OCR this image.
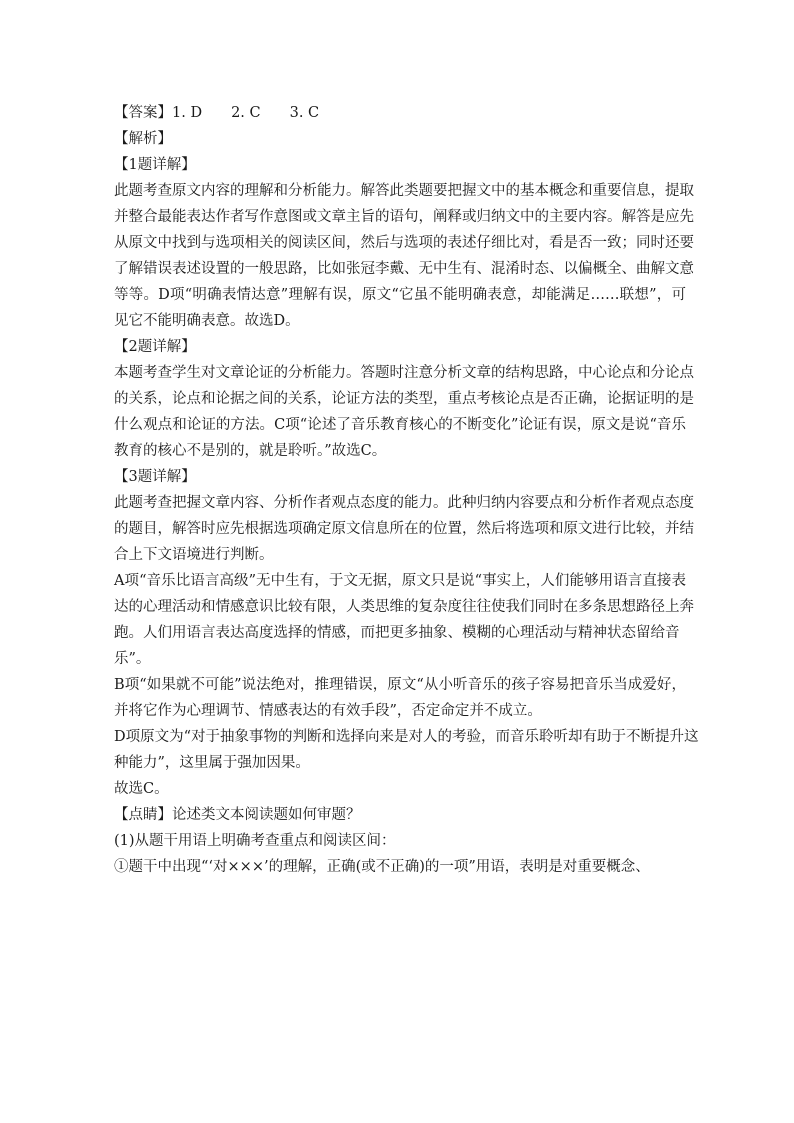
【答案】1. D　　2. C　　3. C
【解析】
【1题详解】
此题考查原文内容的理解和分析能力。解答此类题要把握文中的基本概念和重要信息，提取
并整合最能表达作者写作意图或文章主旨的语句，阐释或归纳文中的主要内容。解答是应先
从原文中找到与选项相关的阅读区间，然后与选项的表述仔细比对，看是否一致；同时还要
了解错误表述设置的一般思路，比如张冠李戴、无中生有、混淆时态、以偏概全、曲解文意
等等。D项“明确表情达意”理解有误，原文“它虽不能明确表意，却能满足……联想”，可
见它不能明确表意。故选D。
【2题详解】
本题考查学生对文章论证的分析能力。答题时注意分析文章的结构思路，中心论点和分论点
的关系，论点和论据之间的关系，论证方法的类型，重点考核论点是否正确，论据证明的是
什么观点和论证的方法。C项“论述了音乐教育核心的不断变化”论证有误，原文是说“音乐
教育的核心不是别的，就是聆听。”故选C。
【3题详解】
此题考查把握文章内容、分析作者观点态度的能力。此种归纳内容要点和分析作者观点态度
的题目，解答时应先根据选项确定原文信息所在的位置，然后将选项和原文进行比较，并结
合上下文语境进行判断。
A项“音乐比语言高级”无中生有，于文无据，原文只是说“事实上，人们能够用语言直接表
达的心理活动和情感意识比较有限，人类思维的复杂度往往使我们同时在多条思想路径上奔
跑。人们用语言表达高度选择的情感，而把更多抽象、模糊的心理活动与精神状态留给音
乐”。
B项“如果就不可能”说法绝对，推理错误，原文“从小听音乐的孩子容易把音乐当成爱好，
并将它作为心理调节、情感表达的有效手段”，否定命定并不成立。
D项原文为“对于抽象事物的判断和选择向来是对人的考验，而音乐聆听却有助于不断提升这
种能力”，这里属于强加因果。
故选C。
【点睛】论述类文本阅读题如何审题？
(1)从题干用语上明确考查重点和阅读区间：
①题干中出现“‘对×××’的理解，正确(或不正确)的一项”用语，表明是对重要概念、
